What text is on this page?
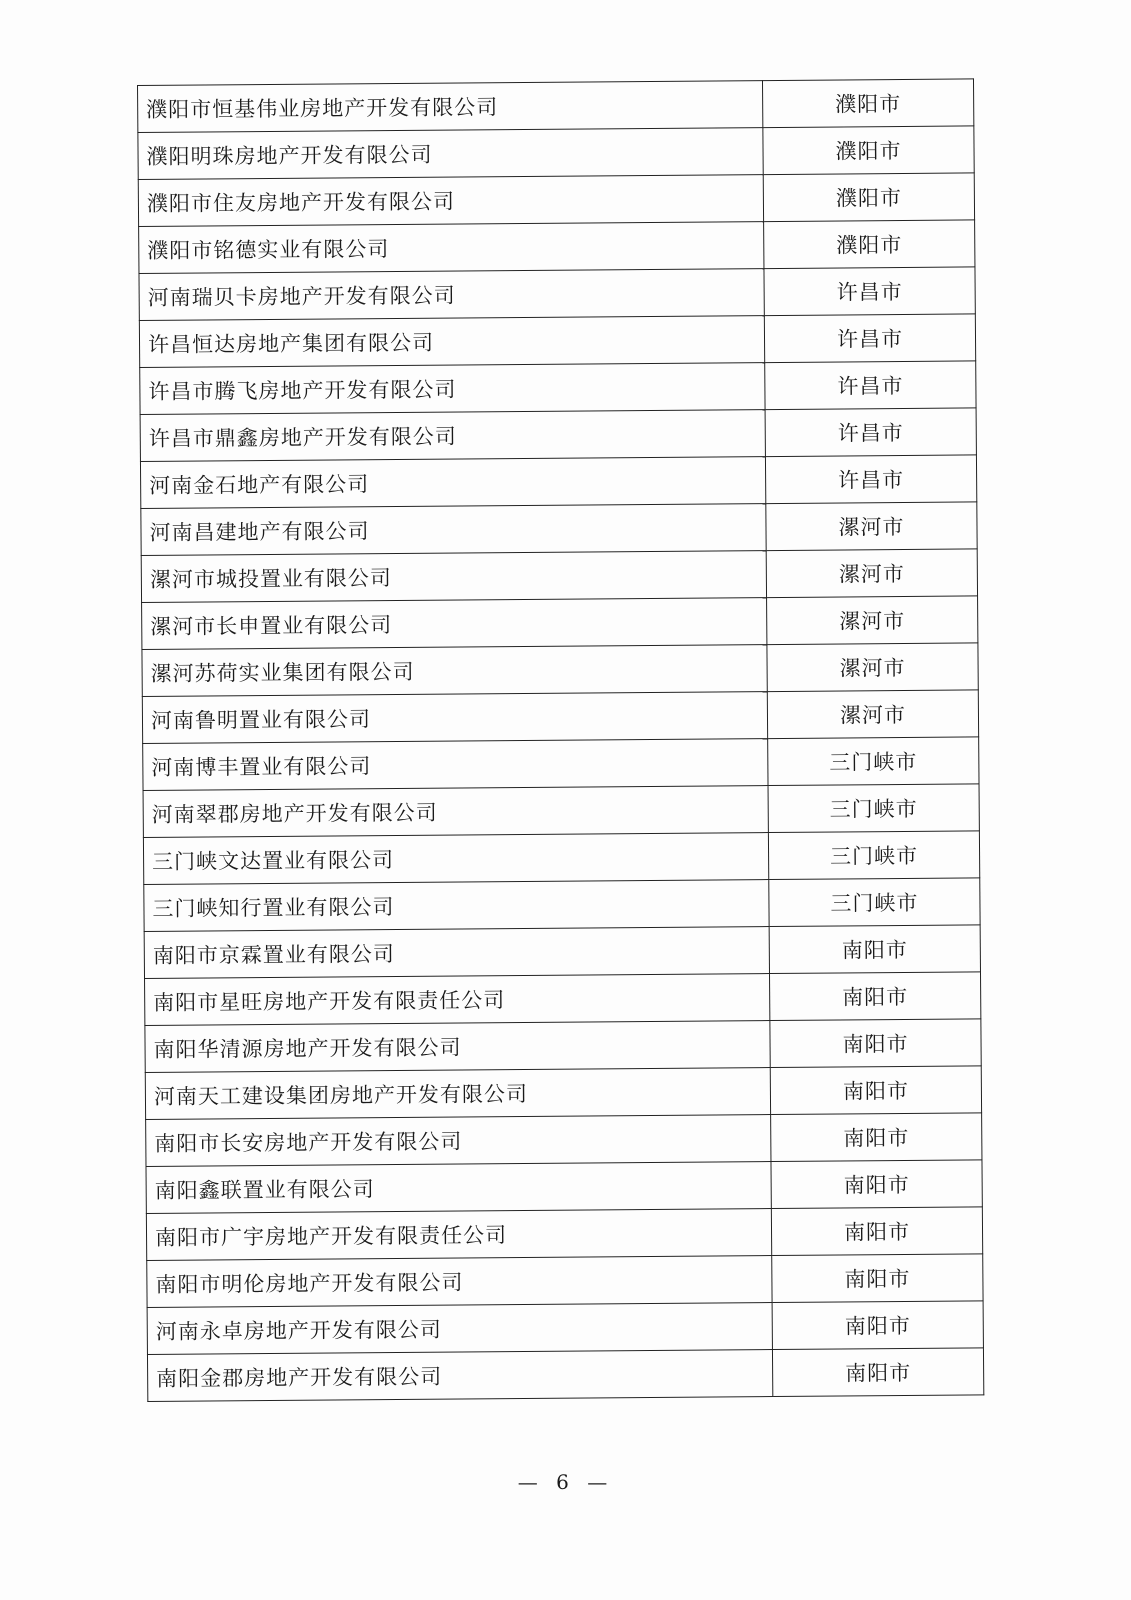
濮阳市恒基伟业房地产开发有限公司	濮阳市
濮阳明珠房地产开发有限公司	濮阳市
濮阳市住友房地产开发有限公司	濮阳市
濮阳市铭德实业有限公司	濮阳市
河南瑞贝卡房地产开发有限公司	许昌市
许昌恒达房地产集团有限公司	许昌市
许昌市腾飞房地产开发有限公司	许昌市
许昌市鼎鑫房地产开发有限公司	许昌市
河南金石地产有限公司	许昌市
河南昌建地产有限公司	漯河市
漯河市城投置业有限公司	漯河市
漯河市长申置业有限公司	漯河市
漯河苏荷实业集团有限公司	漯河市
河南鲁明置业有限公司	漯河市
河南博丰置业有限公司	三门峡市
河南翠郡房地产开发有限公司	三门峡市
三门峡文达置业有限公司	三门峡市
三门峡知行置业有限公司	三门峡市
南阳市京霖置业有限公司	南阳市
南阳市星旺房地产开发有限责任公司	南阳市
南阳华清源房地产开发有限公司	南阳市
河南天工建设集团房地产开发有限公司	南阳市
南阳市长安房地产开发有限公司	南阳市
南阳鑫联置业有限公司	南阳市
南阳市广宇房地产开发有限责任公司	南阳市
南阳市明伦房地产开发有限公司	南阳市
河南永卓房地产开发有限公司	南阳市
南阳金郡房地产开发有限公司	南阳市
— 6 —
